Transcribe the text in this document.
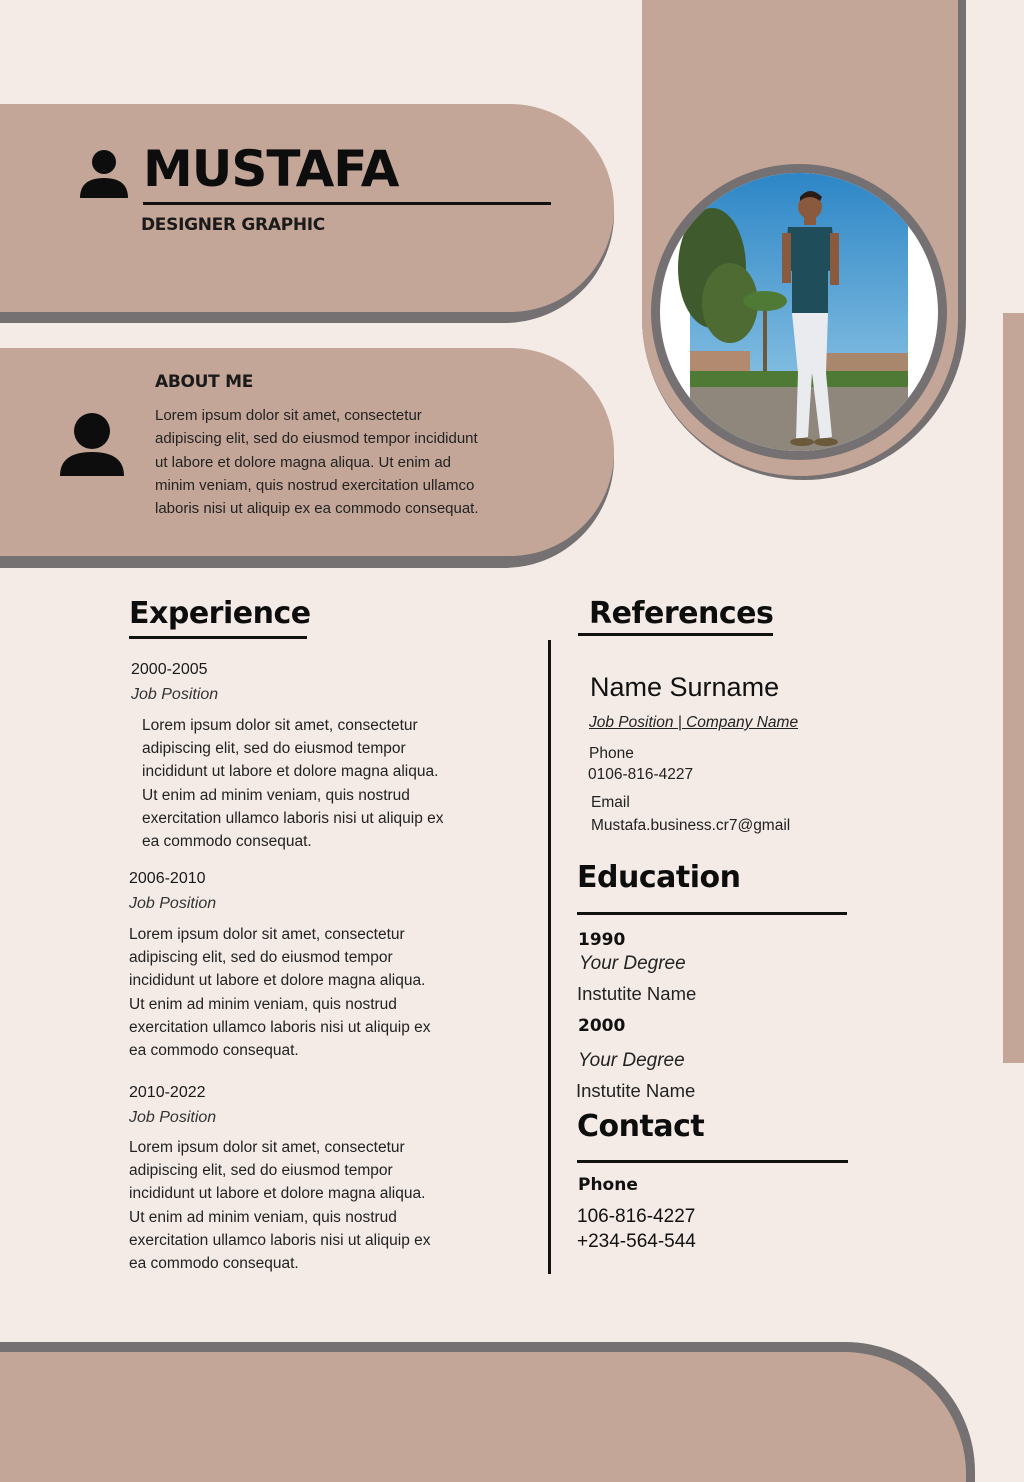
MUSTAFA

DESIGNER GRAPHIC

ABOUT ME
Lorem ipsum dolor sit amet, consectetur
adipiscing elit, sed do eiusmod tempor incididunt
ut labore et dolore magna aliqua. Ut enim ad
minim veniam, quis nostrud exercitation ullamco
laboris nisi ut aliquip ex ea commodo consequat.
Experience

2000-2005

Job Position

Lorem ipsum dolor sit amet, consectetur
adipiscing elit, sed do eiusmod tempor
incididunt ut labore et dolore magna aliqua.
Ut enim ad minim veniam, quis nostrud
exercitation ullamco laboris nisi ut aliquip ex
ea commodo consequat.

2006-2010

Job Position

Lorem ipsum dolor sit amet, consectetur
adipiscing elit, sed do eiusmod tempor
incididunt ut labore et dolore magna aliqua.
Ut enim ad minim veniam, quis nostrud
exercitation ullamco laboris nisi ut aliquip ex
ea commodo consequat.

2010-2022

Job Position

Lorem ipsum dolor sit amet, consectetur
adipiscing elit, sed do eiusmod tempor
incididunt ut labore et dolore magna aliqua.
Ut enim ad minim veniam, quis nostrud
exercitation ullamco laboris nisi ut aliquip ex
ea commodo consequat.
References

Name Surname

Job Position | Company Name

Phone

0106-816-4227

Email

Mustafa.business.cr7@gmail

Education

1990

Your Degree

Instutite Name

2000

Your Degree

Instutite Name

Contact

Phone

106-816-4227

+234-564-544
